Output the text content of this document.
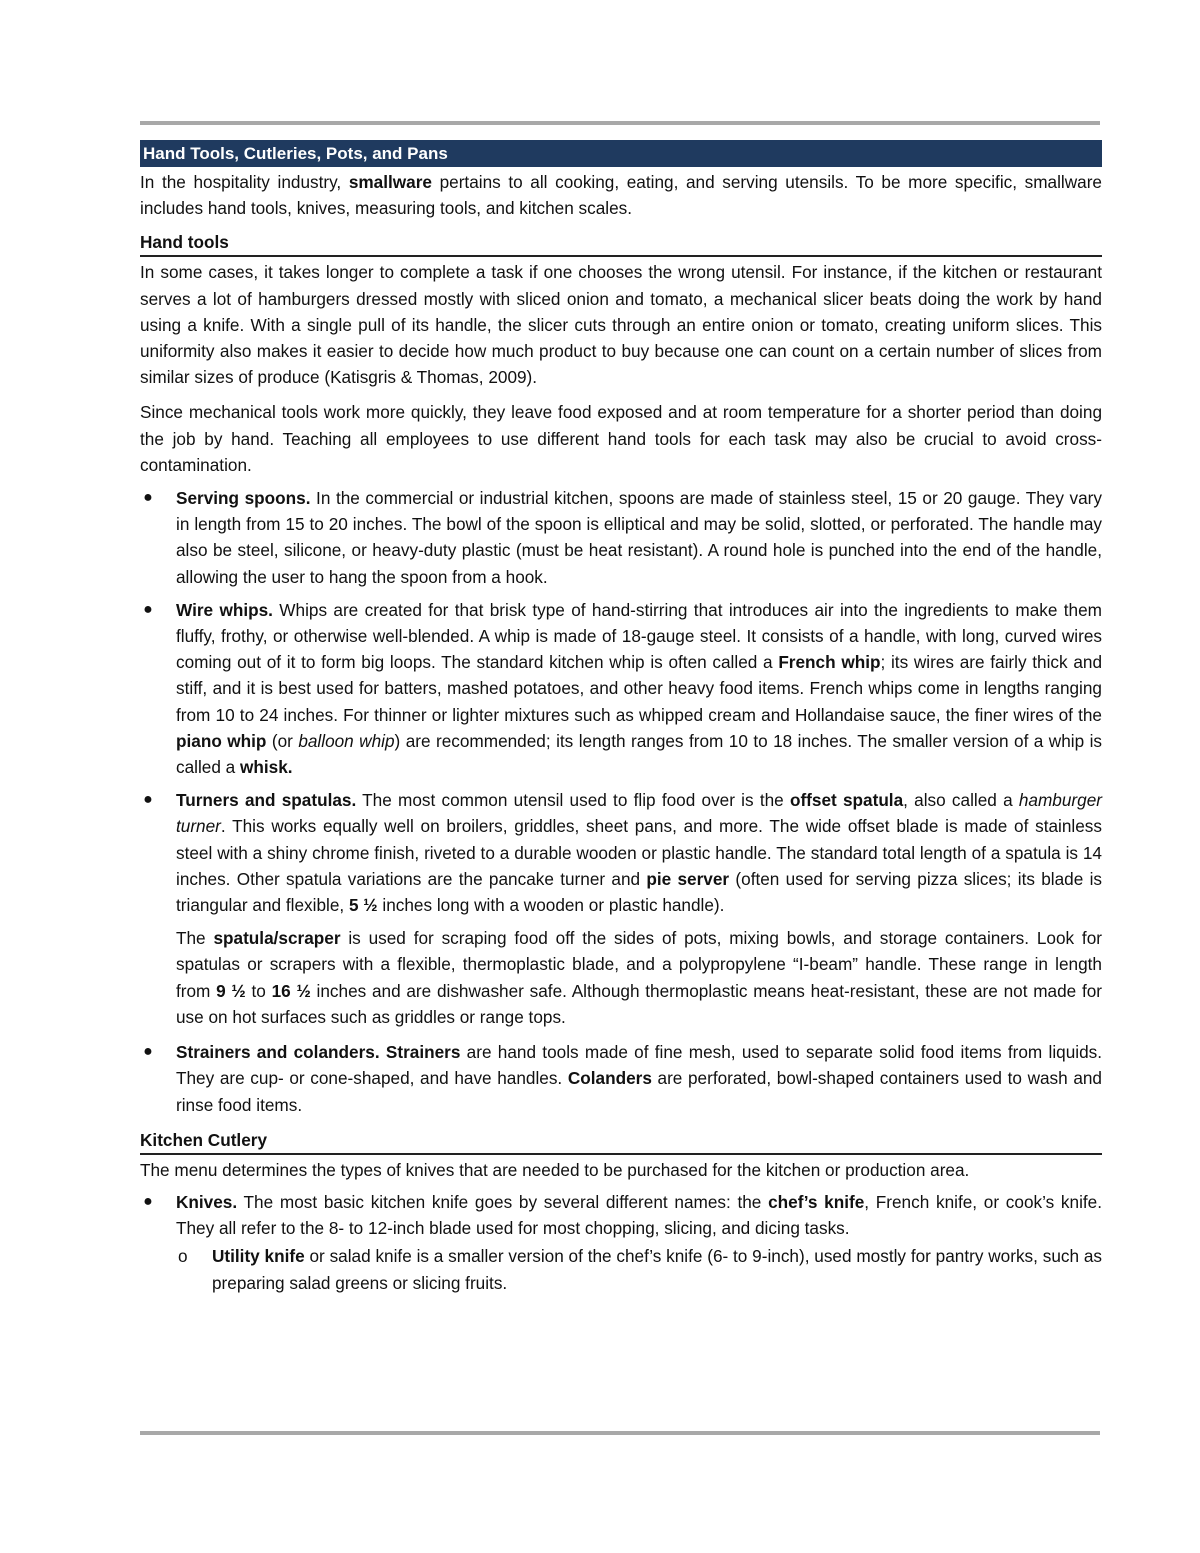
Hand Tools, Cutleries, Pots, and Pans

In the hospitality industry, smallware pertains to all cooking, eating, and serving utensils. To be more specific, smallware includes hand tools, knives, measuring tools, and kitchen scales.

Hand tools

In some cases, it takes longer to complete a task if one chooses the wrong utensil. For instance, if the kitchen or restaurant serves a lot of hamburgers dressed mostly with sliced onion and tomato, a mechanical slicer beats doing the work by hand using a knife. With a single pull of its handle, the slicer cuts through an entire onion or tomato, creating uniform slices. This uniformity also makes it easier to decide how much product to buy because one can count on a certain number of slices from similar sizes of produce (Katisgris & Thomas, 2009).

Since mechanical tools work more quickly, they leave food exposed and at room temperature for a shorter period than doing the job by hand. Teaching all employees to use different hand tools for each task may also be crucial to avoid cross-contamination.

● Serving spoons. In the commercial or industrial kitchen, spoons are made of stainless steel, 15 or 20 gauge. They vary in length from 15 to 20 inches. The bowl of the spoon is elliptical and may be solid, slotted, or perforated. The handle may also be steel, silicone, or heavy-duty plastic (must be heat resistant). A round hole is punched into the end of the handle, allowing the user to hang the spoon from a hook.
● Wire whips. Whips are created for that brisk type of hand-stirring that introduces air into the ingredients to make them fluffy, frothy, or otherwise well-blended. A whip is made of 18-gauge steel. It consists of a handle, with long, curved wires coming out of it to form big loops. The standard kitchen whip is often called a French whip; its wires are fairly thick and stiff, and it is best used for batters, mashed potatoes, and other heavy food items. French whips come in lengths ranging from 10 to 24 inches. For thinner or lighter mixtures such as whipped cream and Hollandaise sauce, the finer wires of the piano whip (or balloon whip) are recommended; its length ranges from 10 to 18 inches. The smaller version of a whip is called a whisk.
● Turners and spatulas. The most common utensil used to flip food over is the offset spatula, also called a hamburger turner. This works equally well on broilers, griddles, sheet pans, and more. The wide offset blade is made of stainless steel with a shiny chrome finish, riveted to a durable wooden or plastic handle. The standard total length of a spatula is 14 inches. Other spatula variations are the pancake turner and pie server (often used for serving pizza slices; its blade is triangular and flexible, 5 ½ inches long with a wooden or plastic handle).

The spatula/scraper is used for scraping food off the sides of pots, mixing bowls, and storage containers. Look for spatulas or scrapers with a flexible, thermoplastic blade, and a polypropylene “I-beam” handle. These range in length from 9 ½ to 16 ½ inches and are dishwasher safe. Although thermoplastic means heat-resistant, these are not made for use on hot surfaces such as griddles or range tops.

● Strainers and colanders. Strainers are hand tools made of fine mesh, used to separate solid food items from liquids. They are cup- or cone-shaped, and have handles. Colanders are perforated, bowl-shaped containers used to wash and rinse food items.
Kitchen Cutlery

The menu determines the types of knives that are needed to be purchased for the kitchen or production area.

● Knives. The most basic kitchen knife goes by several different names: the chef’s knife, French knife, or cook’s knife. They all refer to the 8- to 12-inch blade used for most chopping, slicing, and dicing tasks.
o Utility knife or salad knife is a smaller version of the chef’s knife (6- to 9-inch), used mostly for pantry works, such as preparing salad greens or slicing fruits.
